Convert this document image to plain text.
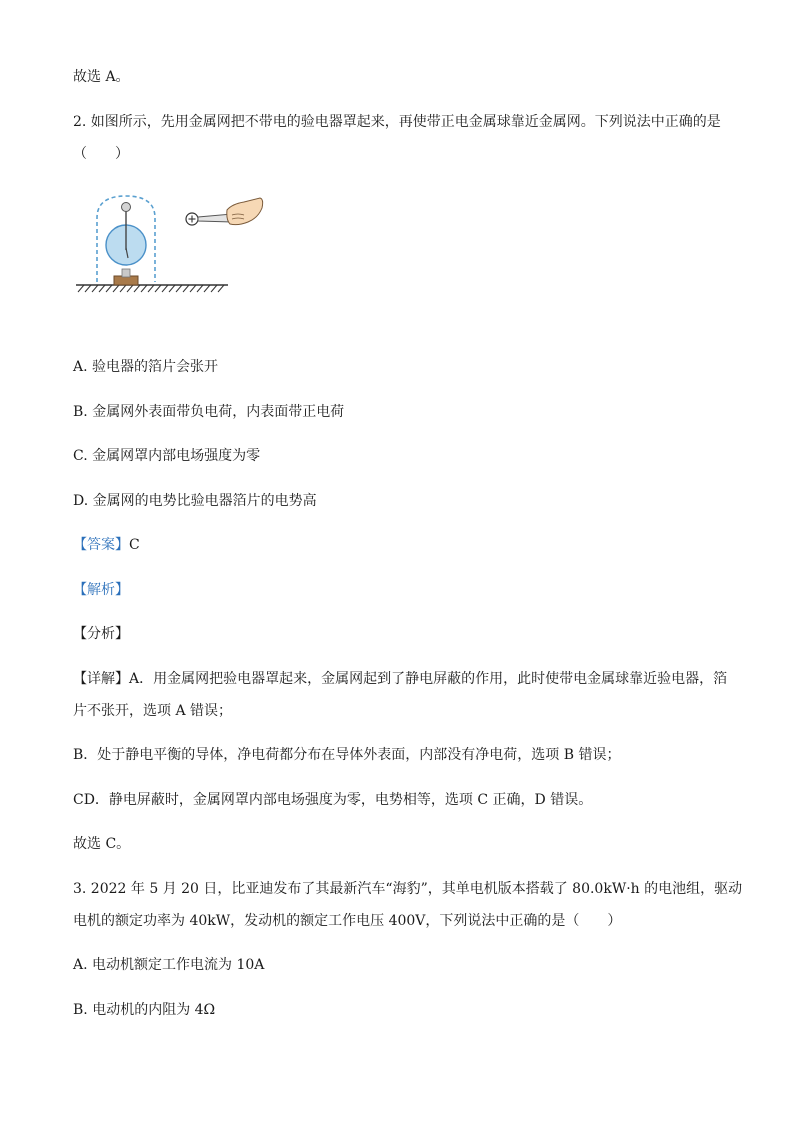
故选 A。
2. 如图所示，先用金属网把不带电的验电器罩起来，再使带正电金属球靠近金属网。下列说法中正确的是
（　　）
A. 验电器的箔片会张开
B. 金属网外表面带负电荷，内表面带正电荷
C. 金属网罩内部电场强度为零
D. 金属网的电势比验电器箔片的电势高
【答案】C
【解析】
【分析】
【详解】A．用金属网把验电器罩起来，金属网起到了静电屏蔽的作用，此时使带电金属球靠近验电器，箔
片不张开，选项 A 错误；
B．处于静电平衡的导体，净电荷都分布在导体外表面，内部没有净电荷，选项 B 错误；
CD．静电屏蔽时，金属网罩内部电场强度为零，电势相等，选项 C 正确，D 错误。
故选 C。
3. 2022 年 5 月 20 日，比亚迪发布了其最新汽车“海豹”，其单电机版本搭载了 80.0kW·h 的电池组，驱动
电机的额定功率为 40kW，发动机的额定工作电压 400V，下列说法中正确的是（　　）
A. 电动机额定工作电流为 10A
B. 电动机的内阻为 4Ω
